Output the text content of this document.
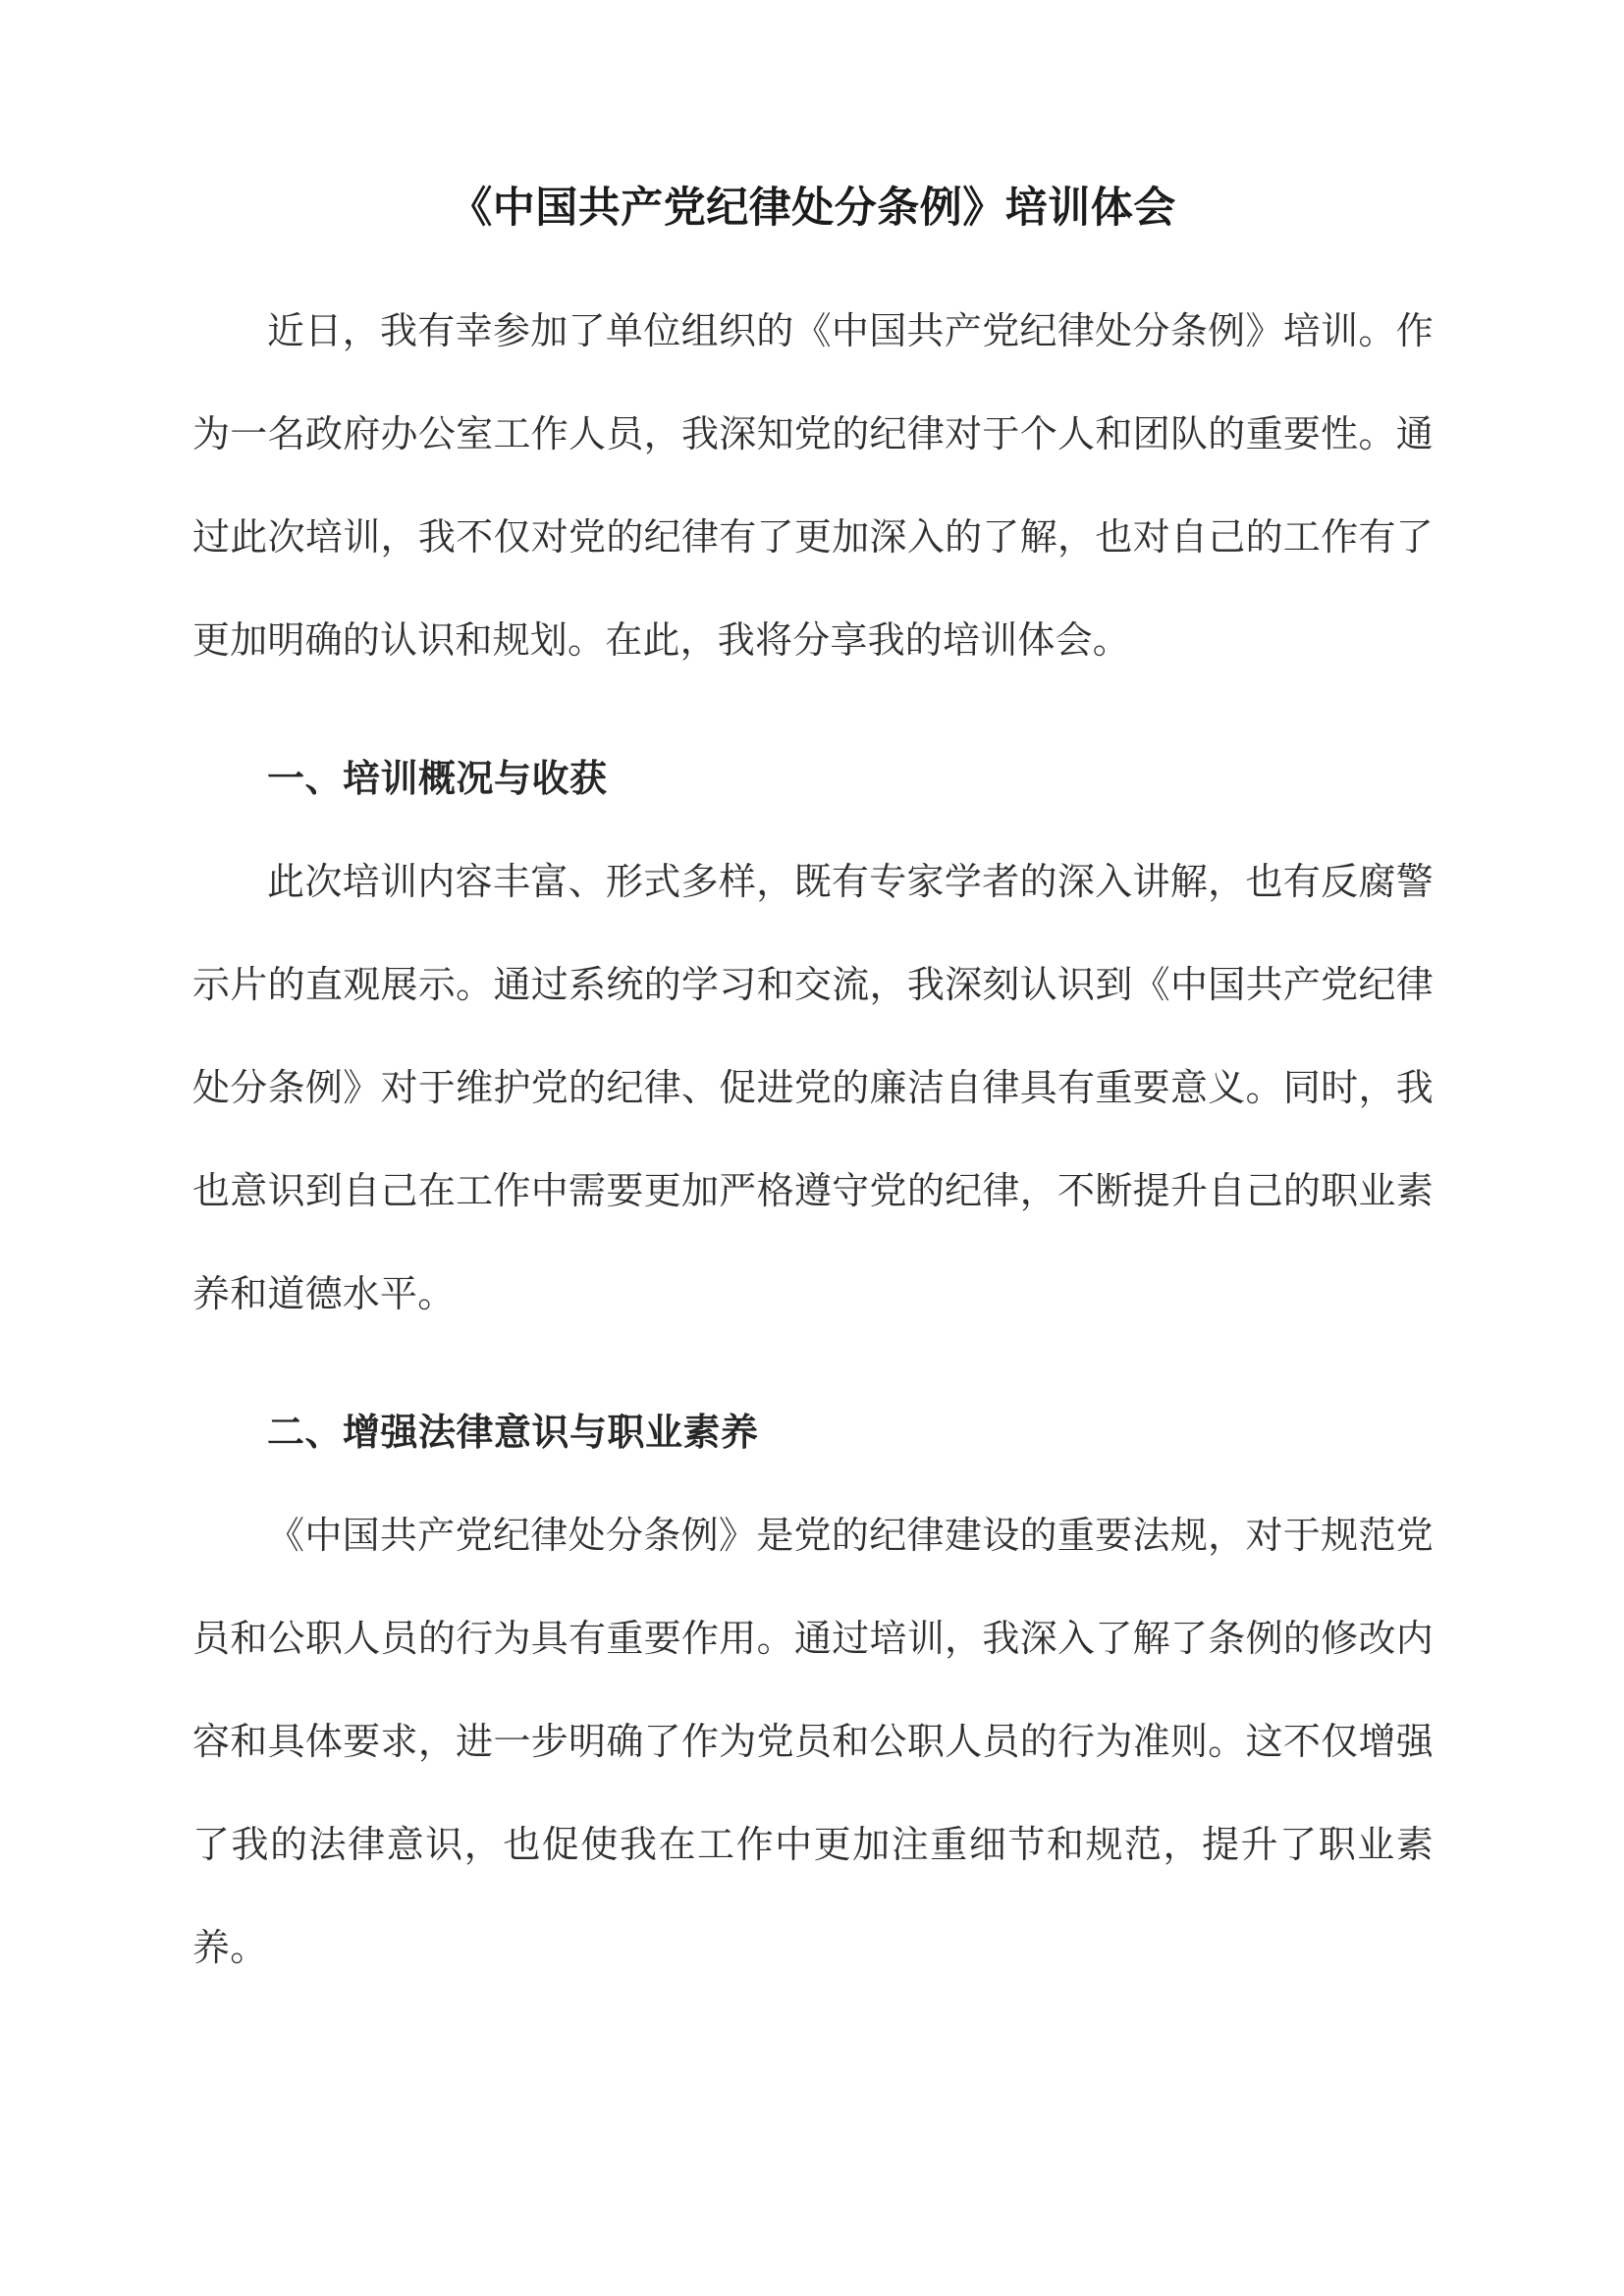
《中国共产党纪律处分条例》培训体会

近日，我有幸参加了单位组织的《中国共产党纪律处分条例》培训。作为一名政府办公室工作人员，我深知党的纪律对于个人和团队的重要性。通过此次培训，我不仅对党的纪律有了更加深入的了解，也对自己的工作有了更加明确的认识和规划。在此，我将分享我的培训体会。

一、培训概况与收获

此次培训内容丰富、形式多样，既有专家学者的深入讲解，也有反腐警示片的直观展示。通过系统的学习和交流，我深刻认识到《中国共产党纪律处分条例》对于维护党的纪律、促进党的廉洁自律具有重要意义。同时，我也意识到自己在工作中需要更加严格遵守党的纪律，不断提升自己的职业素养和道德水平。

二、增强法律意识与职业素养

《中国共产党纪律处分条例》是党的纪律建设的重要法规，对于规范党员和公职人员的行为具有重要作用。通过培训，我深入了解了条例的修改内容和具体要求，进一步明确了作为党员和公职人员的行为准则。这不仅增强了我的法律意识，也促使我在工作中更加注重细节和规范，提升了职业素养。
